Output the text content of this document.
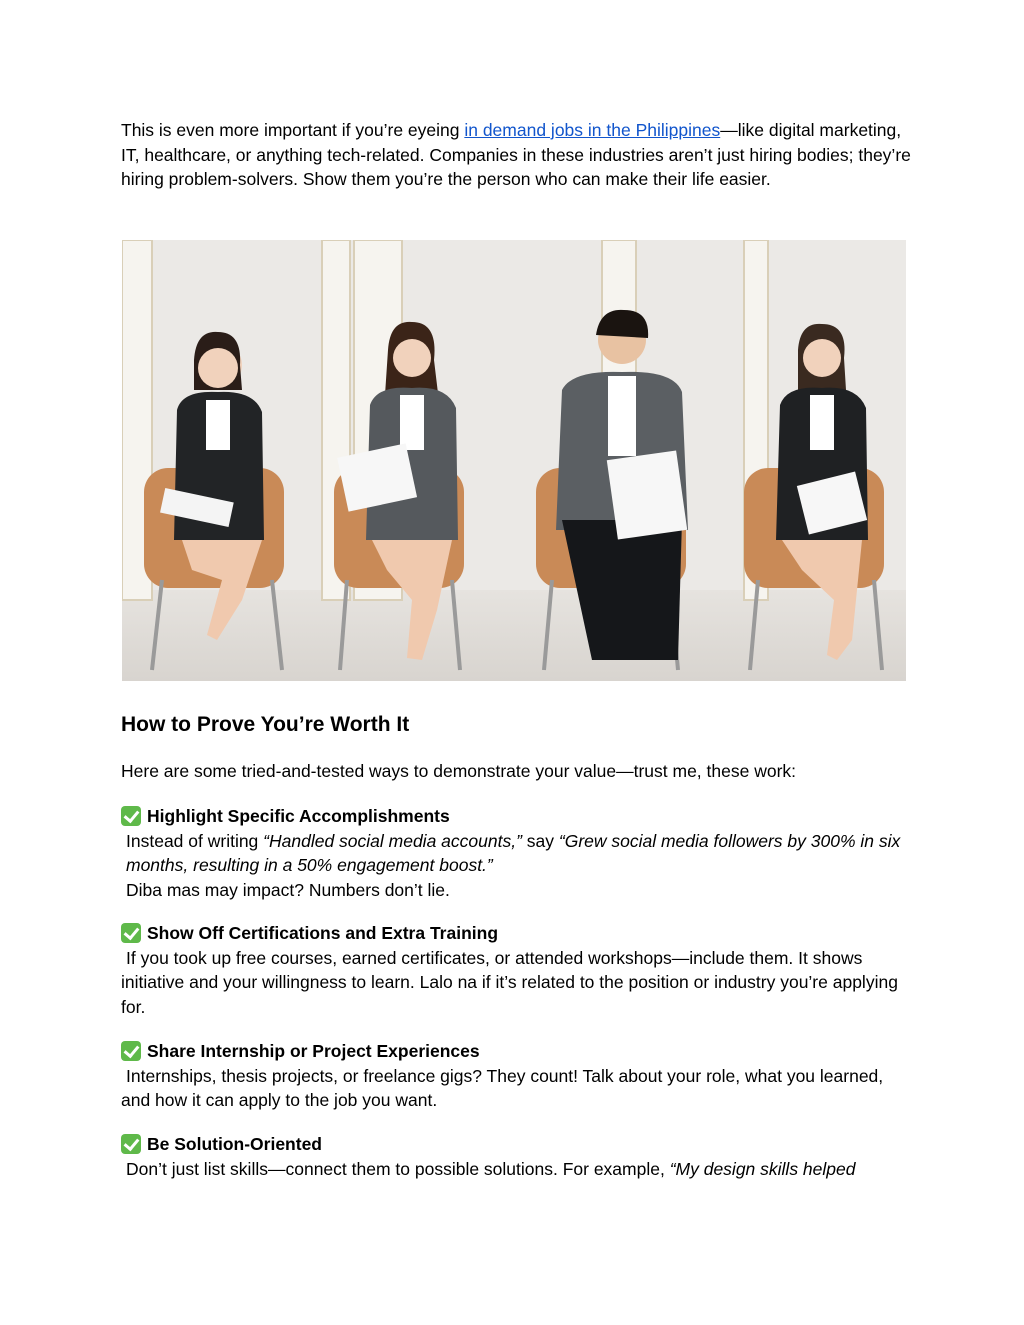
This is even more important if you’re eyeing in demand jobs in the Philippines—like digital marketing, IT, healthcare, or anything tech-related. Companies in these industries aren’t just hiring bodies; they’re hiring problem-solvers. Show them you’re the person who can make their life easier.

How to Prove You’re Worth It

Here are some tried-and-tested ways to demonstrate your value—trust me, these work:

Highlight Specific Accomplishments

Instead of writing “Handled social media accounts,” say “Grew social media followers by 300% in six months, resulting in a 50% engagement boost.”

Diba mas may impact? Numbers don’t lie.

Show Off Certifications and Extra Training

If you took up free courses, earned certificates, or attended workshops—include them. It shows initiative and your willingness to learn. Lalo na if it’s related to the position or industry you’re applying for.

Share Internship or Project Experiences

Internships, thesis projects, or freelance gigs? They count! Talk about your role, what you learned, and how it can apply to the job you want.

Be Solution-Oriented

Don’t just list skills—connect them to possible solutions. For example, “My design skills helped
